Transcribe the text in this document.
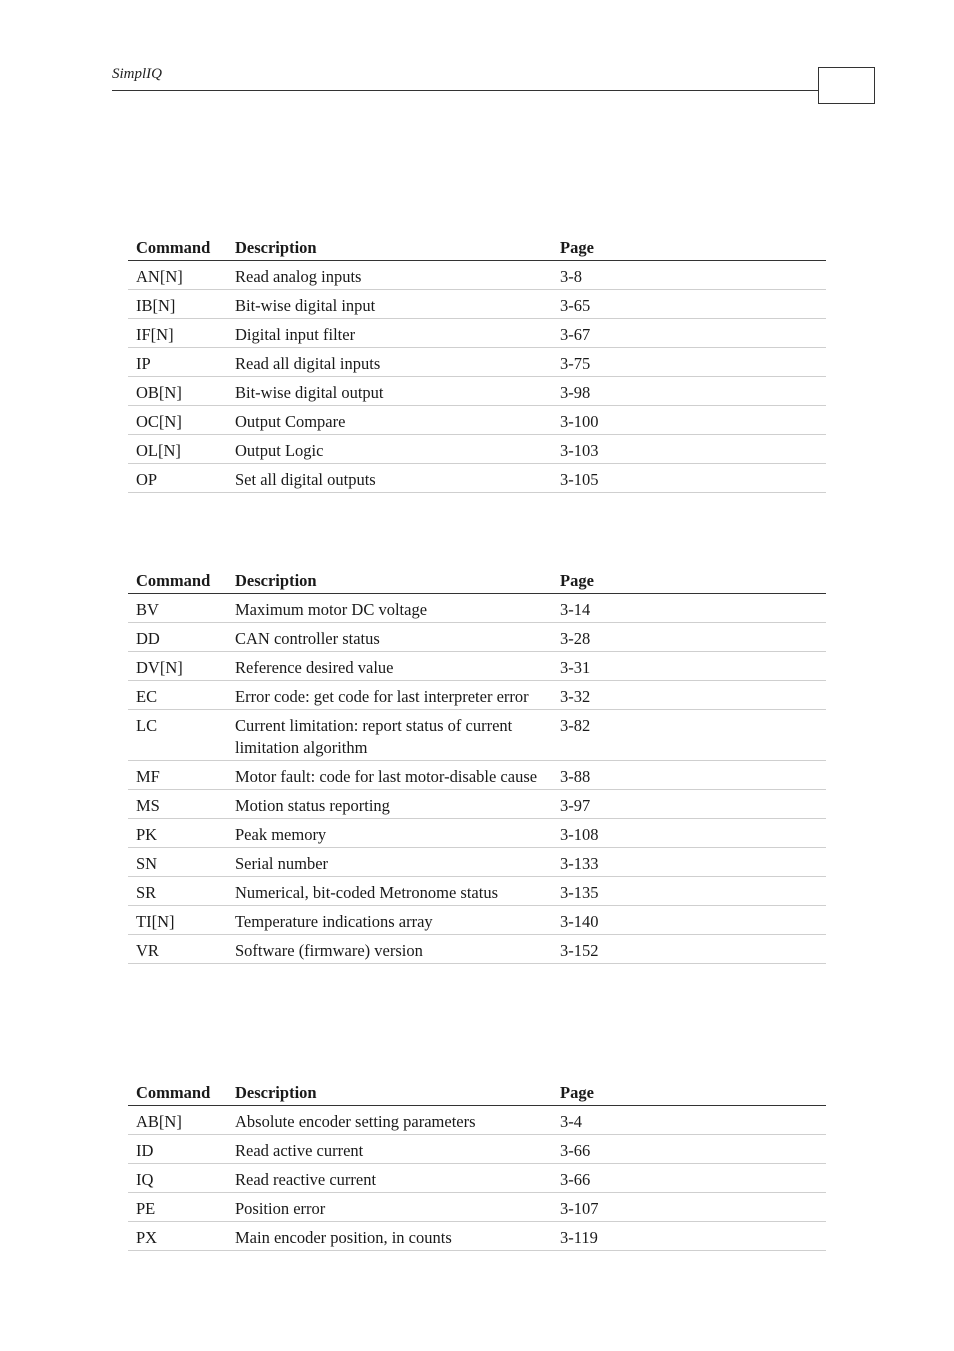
SimplIQ
Command	Description	Page
AN[N]	Read analog inputs	3-8
IB[N]	Bit-wise digital input	3-65
IF[N]	Digital input filter	3-67
IP	Read all digital inputs	3-75
OB[N]	Bit-wise digital output	3-98
OC[N]	Output Compare	3-100
OL[N]	Output Logic	3-103
OP	Set all digital outputs	3-105
Command	Description	Page
BV	Maximum motor DC voltage	3-14
DD	CAN controller status	3-28
DV[N]	Reference desired value	3-31
EC	Error code: get code for last interpreter error	3-32
LC	Current limitation: report status of current limitation algorithm	3-82
MF	Motor fault: code for last motor-disable cause	3-88
MS	Motion status reporting	3-97
PK	Peak memory	3-108
SN	Serial number	3-133
SR	Numerical, bit-coded Metronome status	3-135
TI[N]	Temperature indications array	3-140
VR	Software (firmware) version	3-152
Command	Description	Page
AB[N]	Absolute encoder setting parameters	3-4
ID	Read active current	3-66
IQ	Read reactive current	3-66
PE	Position error	3-107
PX	Main encoder position, in counts	3-119
